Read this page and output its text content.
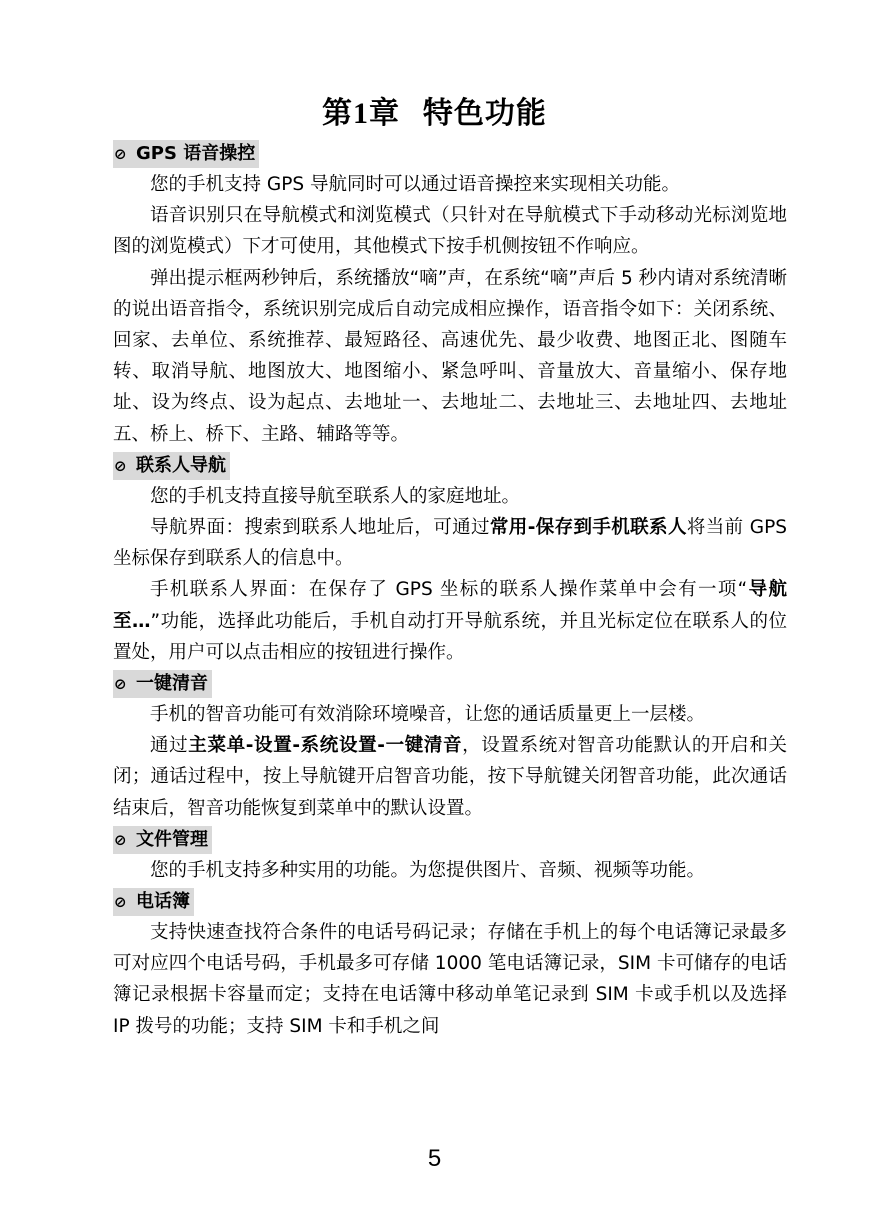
第1章  特色功能
⊘ GPS 语音操控

您的手机支持 GPS 导航同时可以通过语音操控来实现相关功能。

语音识别只在导航模式和浏览模式（只针对在导航模式下手动移动光标浏览地图的浏览模式）下才可使用，其他模式下按手机侧按钮不作响应。

弹出提示框两秒钟后，系统播放“嘀”声，在系统“嘀”声后 5 秒内请对系统清晰的说出语音指令，系统识别完成后自动完成相应操作，语音指令如下：关闭系统、回家、去单位、系统推荐、最短路径、高速优先、最少收费、地图正北、图随车转、取消导航、地图放大、地图缩小、紧急呼叫、音量放大、音量缩小、保存地址、设为终点、设为起点、去地址一、去地址二、去地址三、去地址四、去地址五、桥上、桥下、主路、辅路等等。

⊘ 联系人导航

您的手机支持直接导航至联系人的家庭地址。

导航界面：搜索到联系人地址后，可通过常用-保存到手机联系人将当前 GPS 坐标保存到联系人的信息中。

手机联系人界面：在保存了 GPS 坐标的联系人操作菜单中会有一项“导航至…”功能，选择此功能后，手机自动打开导航系统，并且光标定位在联系人的位置处，用户可以点击相应的按钮进行操作。

⊘ 一键清音

手机的智音功能可有效消除环境噪音，让您的通话质量更上一层楼。

通过主菜单-设置-系统设置-一键清音，设置系统对智音功能默认的开启和关闭；通话过程中，按上导航键开启智音功能，按下导航键关闭智音功能，此次通话结束后，智音功能恢复到菜单中的默认设置。

⊘ 文件管理

您的手机支持多种实用的功能。为您提供图片、音频、视频等功能。

⊘ 电话簿

支持快速查找符合条件的电话号码记录；存储在手机上的每个电话簿记录最多可对应四个电话号码，手机最多可存储 1000 笔电话簿记录，SIM 卡可储存的电话簿记录根据卡容量而定；支持在电话簿中移动单笔记录到 SIM 卡或手机以及选择 IP 拨号的功能；支持 SIM 卡和手机之间

5
